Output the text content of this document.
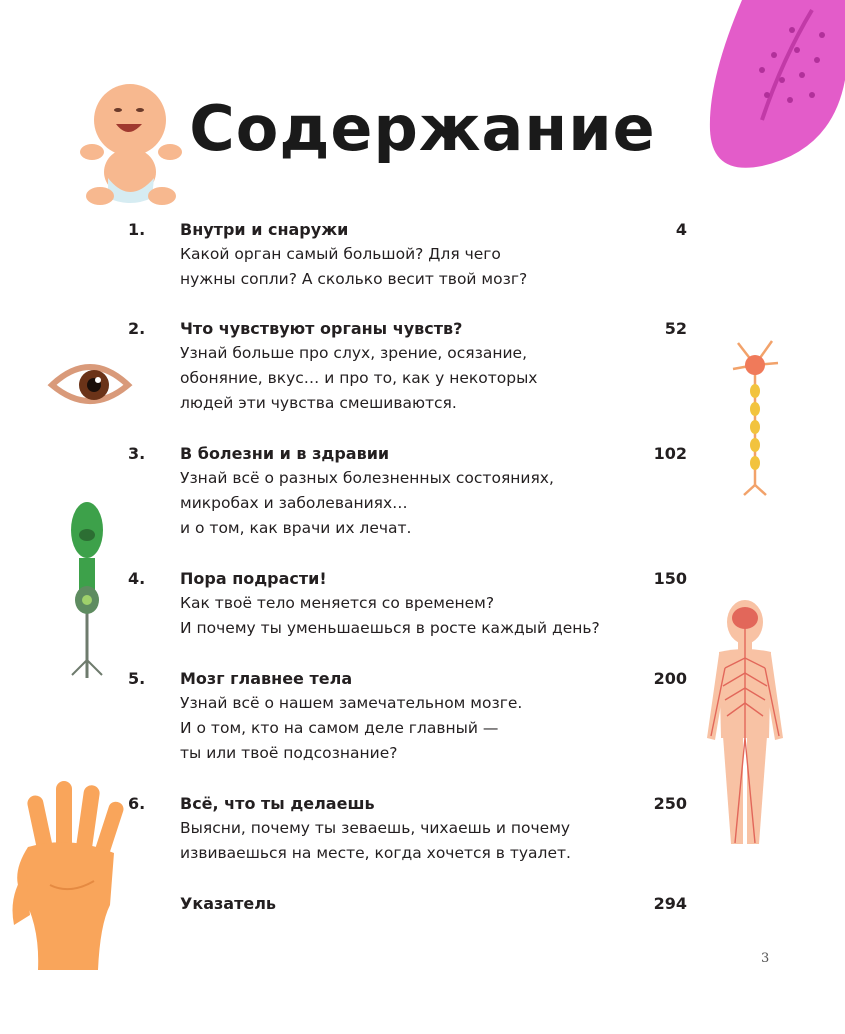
Содержание
1. Внутри и снаружи	4
Какой орган самый большой? Для чего
нужны сопли? А сколько весит твой мозг?
2. Что чувствуют органы чувств?	52
Узнай больше про слух, зрение, осязание,
обоняние, вкус… и про то, как у некоторых
людей эти чувства смешиваются.
3. В болезни и в здравии	102
Узнай всё о разных болезненных состояниях,
микробах и заболеваниях…
и о том, как врачи их лечат.
4. Пора подрасти!	150
Как твоё тело меняется со временем?
И почему ты уменьшаешься в росте каждый день?
5. Мозг главнее тела	200
Узнай всё о нашем замечательном мозге.
И о том, кто на самом деле главный —
ты или твоё подсознание?
6. Всё, что ты делаешь	250
Выясни, почему ты зеваешь, чихаешь и почему
извиваешься на месте, когда хочется в туалет.
Указатель	294
3
